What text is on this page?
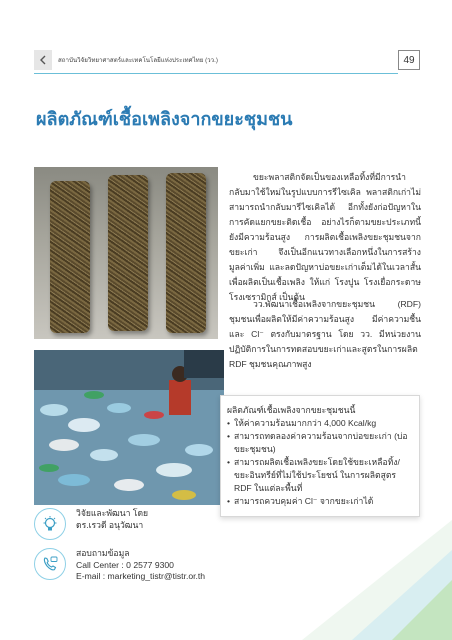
สถาบันวิจัยวิทยาศาสตร์และเทคโนโลยีแห่งประเทศไทย (วว.)	49
ผลิตภัณฑ์เชื้อเพลิงจากขยะชุมชน

ขยะพลาสติกจัดเป็นของเหลือทิ้งที่มีการนำกลับมาใช้ใหม่ในรูปแบบการรีไซเคิล พลาสติกเก่าไม่สามารถนำกลับมารีไซเคิลได้ อีกทั้งยังก่อปัญหาในการคัดแยกขยะติดเชื้อ อย่างไรก็ตามขยะประเภทนี้ยังมีความร้อนสูง การผลิตเชื้อเพลิงขยะชุมชนจากขยะเก่า จึงเป็นอีกแนวทางเลือกหนึ่งในการสร้างมูลค่าเพิ่ม และลดปัญหาบ่อขยะเก่าเต็มได้ในเวลาสั้น เพื่อผลิตเป็นเชื้อเพลิง ให้แก่ โรงปูน โรงเยื่อกระดาษ โรงเซรามิกส์ เป็นต้น

วว.พัฒนาเชื้อเพลิงจากขยะชุมชน (RDF) ชุมชนเพื่อผลิตให้มีค่าความร้อนสูง มีค่าความชื้น และ Cl⁻ ตรงกับมาตรฐาน โดย วว. มีหน่วยงานปฏิบัติการในการทดสอบขยะเก่าและสูตรในการผลิต RDF ชุมชนคุณภาพสูง

ผลิตภัณฑ์เชื้อเพลิงจากขยะชุมชนนี้
• ให้ค่าความร้อนมากกว่า 4,000 Kcal/kg
• สามารถทดลองค่าความร้อนจากบ่อขยะเก่า (บ่อขยะชุมชน)
• สามารถผลิตเชื้อเพลิงขยะโดยใช้ขยะเหลือทิ้ง/ขยะอินทรีย์ที่ไม่ใช้ประโยชน์ ในการผลิตสูตร RDF ในแต่ละพื้นที่
• สามารถควบคุมค่า Cl⁻ จากขยะเก่าได้
วิจัยและพัฒนา โดย
ดร.เรวดี อนุวัฒนา
สอบถามข้อมูล
Call Center : 0 2577 9300
E-mail : marketing_tistr@tistr.or.th
